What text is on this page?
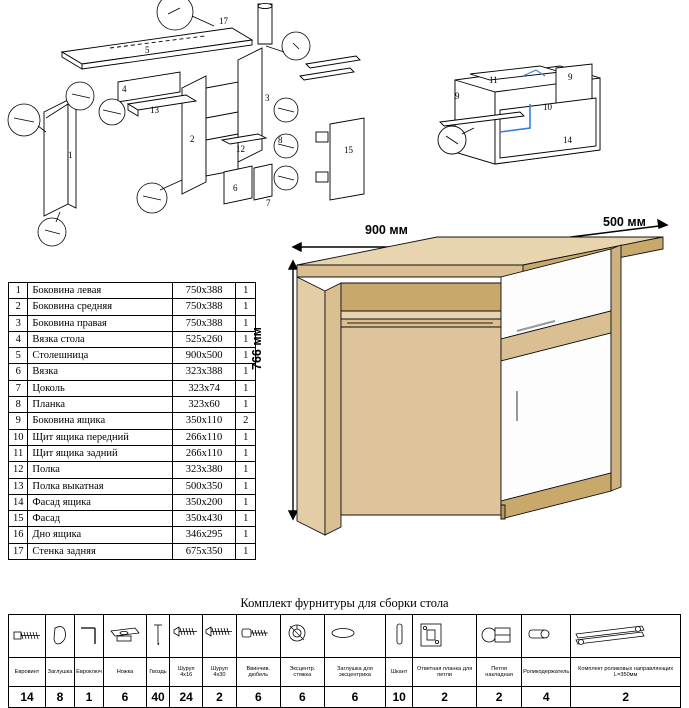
17
5
4
13
3
1
2
12
6
7
8
15
11	9
9
10
14
1	Боковина левая	750х388	1
2	Боковина средняя	750х388	1
3	Боковина правая	750х388	1
4	Вязка стола	525х260	1
5	Столешница	900х500	1
6	Вязка	323х388	1
7	Цоколь	323х74	1
8	Планка	323х60	1
9	Боковина ящика	350х110	2
10	Щит ящика передний	266х110	1
11	Щит ящика задний	266х110	1
12	Полка	323х380	1
13	Полка выкатная	500х350	1
14	Фасад ящика	350х200	1
15	Фасад	350х430	1
16	Дно ящика	346х295	1
17	Стенка задняя	675х350	1
900 мм
500 мм
766 мм
Комплект фурнитуры для сборки стола

Евровинт	Заглушка	Евроключ	Ножка	Гвоздь	Шуруп 4х16	Шуруп 4х30	Ввинчив. дюбель	Эксцентр. стяжка	Заглушка для эксцентрика	Шкант	Ответная планка для петли	Петля накладная	Роликодержатель	Комплект роликовых направляющих L=350мм
14	8	1	6	40	24	2	6	6	6	10	2	2	4	2
